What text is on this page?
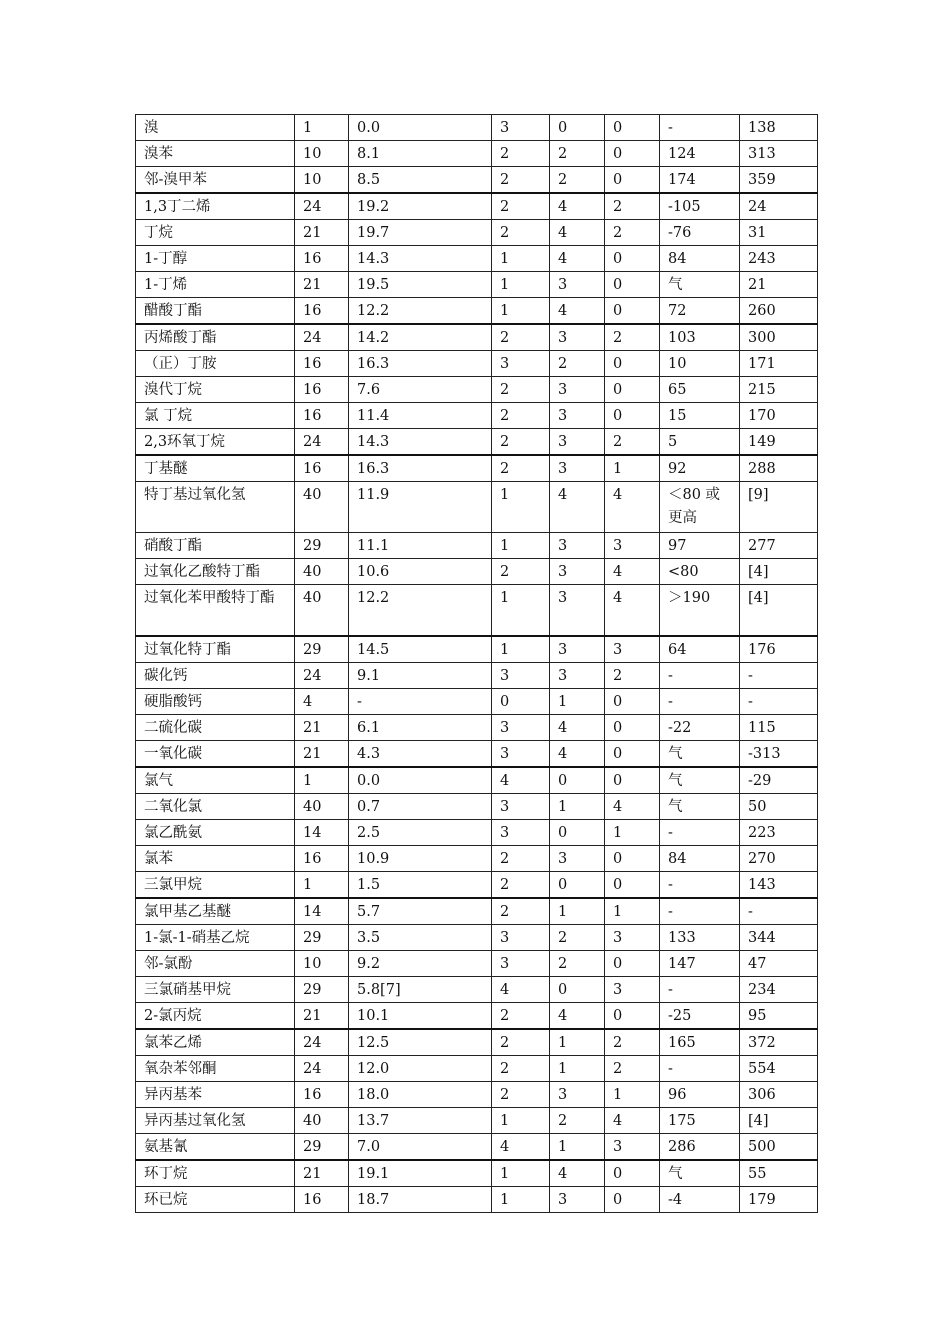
溴	1	0.0	3	0	0	-	138
溴苯	10	8.1	2	2	0	124	313
邻-溴甲苯	10	8.5	2	2	0	174	359
1,3丁二烯	24	19.2	2	4	2	-105	24
丁烷	21	19.7	2	4	2	-76	31
1-丁醇	16	14.3	1	4	0	84	243
1-丁烯	21	19.5	1	3	0	气	21
醋酸丁酯	16	12.2	1	4	0	72	260
丙烯酸丁酯	24	14.2	2	3	2	103	300
（正）丁胺	16	16.3	3	2	0	10	171
溴代丁烷	16	7.6	2	3	0	65	215
氯 丁烷	16	11.4	2	3	0	15	170
2,3环氧丁烷	24	14.3	2	3	2	5	149
丁基醚	16	16.3	2	3	1	92	288
特丁基过氧化氢	40	11.9	1	4	4	＜80 或更高	[9]
硝酸丁酯	29	11.1	1	3	3	97	277
过氧化乙酸特丁酯	40	10.6	2	3	4	<80	[4]
过氧化苯甲酸特丁酯	40	12.2	1	3	4	＞190	[4]
过氧化特丁酯	29	14.5	1	3	3	64	176
碳化钙	24	9.1	3	3	2	-	-
硬脂酸钙	4	-	0	1	0	-	-
二硫化碳	21	6.1	3	4	0	-22	115
一氧化碳	21	4.3	3	4	0	气	-313
氯气	1	0.0	4	0	0	气	-29
二氧化氯	40	0.7	3	1	4	气	50
氯乙酰氨	14	2.5	3	0	1	-	223
氯苯	16	10.9	2	3	0	84	270
三氯甲烷	1	1.5	2	0	0	-	143
氯甲基乙基醚	14	5.7	2	1	1	-	-
1-氯-1-硝基乙烷	29	3.5	3	2	3	133	344
邻-氯酚	10	9.2	3	2	0	147	47
三氯硝基甲烷	29	5.8[7]	4	0	3	-	234
2-氯丙烷	21	10.1	2	4	0	-25	95
氯苯乙烯	24	12.5	2	1	2	165	372
氧杂苯邻酮	24	12.0	2	1	2	-	554
异丙基苯	16	18.0	2	3	1	96	306
异丙基过氧化氢	40	13.7	1	2	4	175	[4]
氨基氰	29	7.0	4	1	3	286	500
环丁烷	21	19.1	1	4	0	气	55
环已烷	16	18.7	1	3	0	-4	179
